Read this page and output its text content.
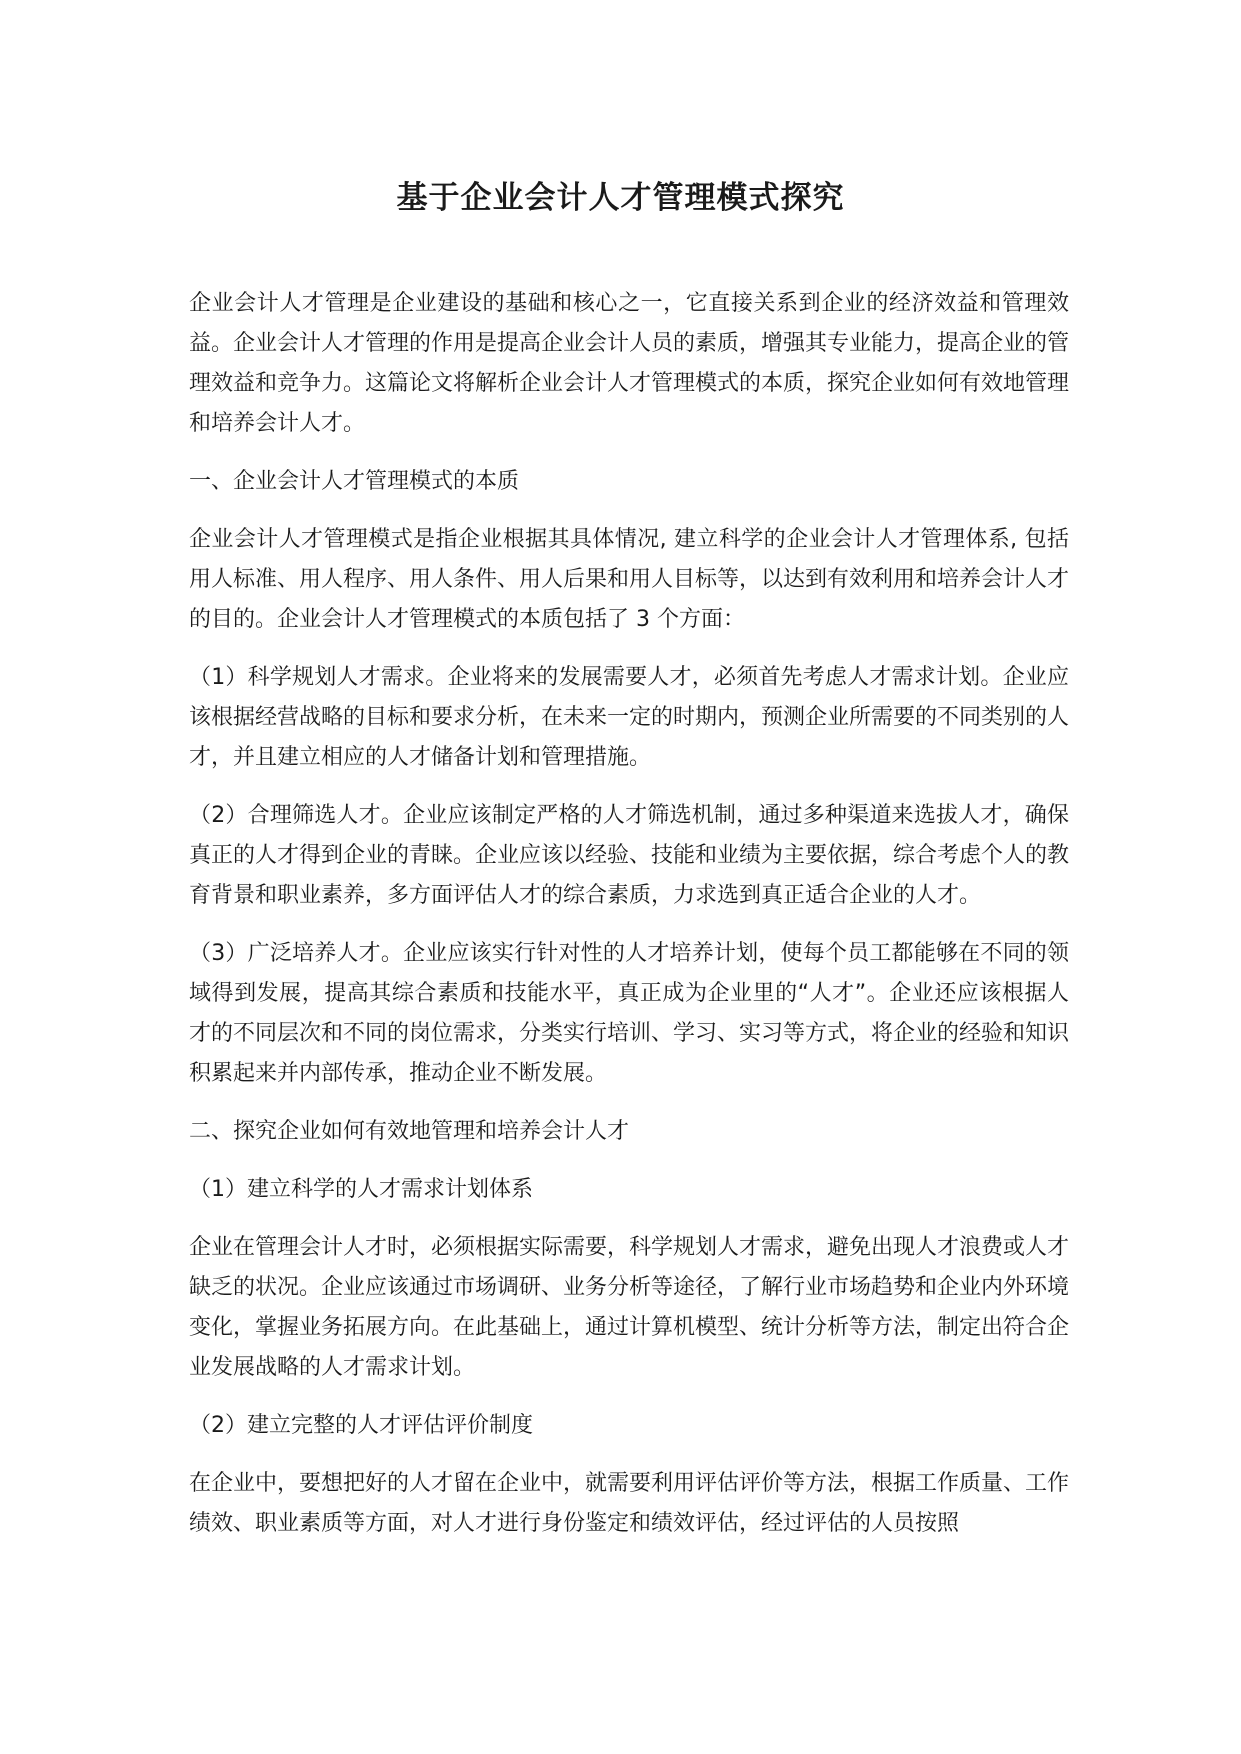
基于企业会计人才管理模式探究

企业会计人才管理是企业建设的基础和核心之一，它直接关系到企业的经济效益和管理效益。企业会计人才管理的作用是提高企业会计人员的素质，增强其专业能力，提高企业的管理效益和竞争力。这篇论文将解析企业会计人才管理模式的本质，探究企业如何有效地管理和培养会计人才。

一、企业会计人才管理模式的本质

企业会计人才管理模式是指企业根据其具体情况, 建立科学的企业会计人才管理体系, 包括用人标准、用人程序、用人条件、用人后果和用人目标等，以达到有效利用和培养会计人才的目的。企业会计人才管理模式的本质包括了 3 个方面：

（1）科学规划人才需求。企业将来的发展需要人才，必须首先考虑人才需求计划。企业应该根据经营战略的目标和要求分析，在未来一定的时期内，预测企业所需要的不同类别的人才，并且建立相应的人才储备计划和管理措施。

（2）合理筛选人才。企业应该制定严格的人才筛选机制，通过多种渠道来选拔人才，确保真正的人才得到企业的青睐。企业应该以经验、技能和业绩为主要依据，综合考虑个人的教育背景和职业素养，多方面评估人才的综合素质，力求选到真正适合企业的人才。

（3）广泛培养人才。企业应该实行针对性的人才培养计划，使每个员工都能够在不同的领域得到发展，提高其综合素质和技能水平，真正成为企业里的“人才”。企业还应该根据人才的不同层次和不同的岗位需求，分类实行培训、学习、实习等方式，将企业的经验和知识积累起来并内部传承，推动企业不断发展。

二、探究企业如何有效地管理和培养会计人才

（1）建立科学的人才需求计划体系

企业在管理会计人才时，必须根据实际需要，科学规划人才需求，避免出现人才浪费或人才缺乏的状况。企业应该通过市场调研、业务分析等途径，了解行业市场趋势和企业内外环境变化，掌握业务拓展方向。在此基础上，通过计算机模型、统计分析等方法，制定出符合企业发展战略的人才需求计划。

（2）建立完整的人才评估评价制度

在企业中，要想把好的人才留在企业中，就需要利用评估评价等方法，根据工作质量、工作绩效、职业素质等方面，对人才进行身份鉴定和绩效评估，经过评估的人员按照
